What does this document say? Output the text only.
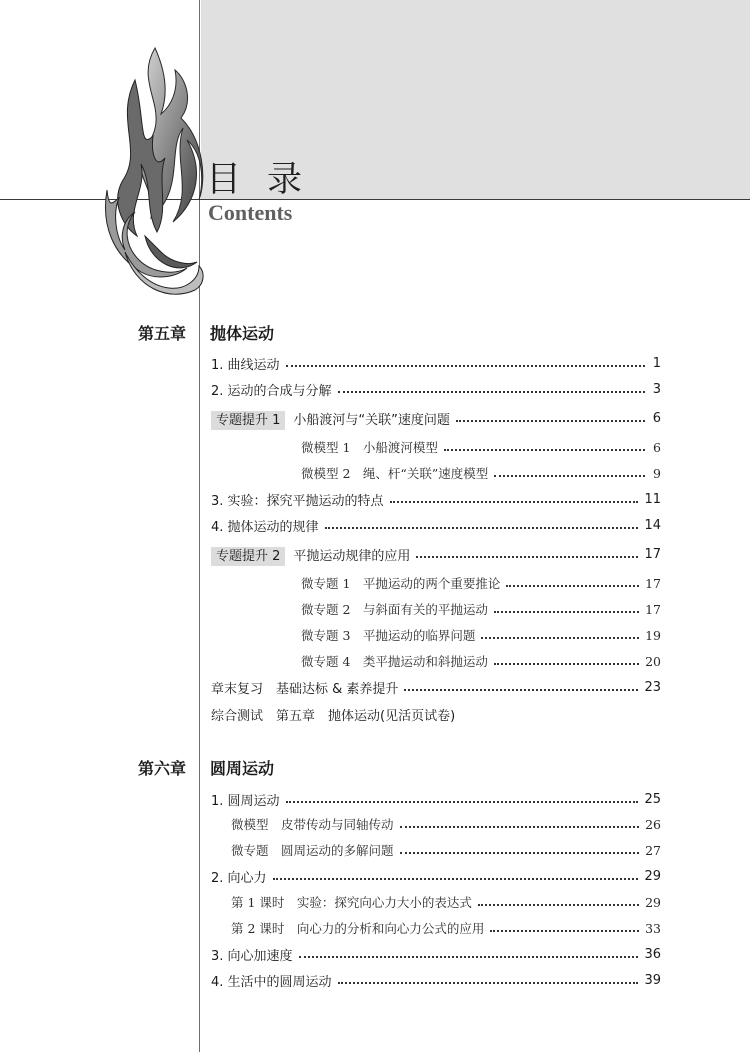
目录
Contents
第五章 抛体运动
1. 曲线运动	1
2. 运动的合成与分解	3
专题提升 1 小船渡河与“关联”速度问题	6
微模型 1　小船渡河模型	6
微模型 2　绳、杆“关联”速度模型	9
3. 实验：探究平抛运动的特点	11
4. 抛体运动的规律	14
专题提升 2 平抛运动规律的应用	17
微专题 1　平抛运动的两个重要推论	17
微专题 2　与斜面有关的平抛运动	17
微专题 3　平抛运动的临界问题	19
微专题 4　类平抛运动和斜抛运动	20
章末复习　基础达标 & 素养提升	23
综合测试　第五章　抛体运动(见活页试卷)
第六章 圆周运动
1. 圆周运动	25
微模型　皮带传动与同轴传动	26
微专题　圆周运动的多解问题	27
2. 向心力	29
第 1 课时　实验：探究向心力大小的表达式	29
第 2 课时　向心力的分析和向心力公式的应用	33
3. 向心加速度	36
4. 生活中的圆周运动	39
